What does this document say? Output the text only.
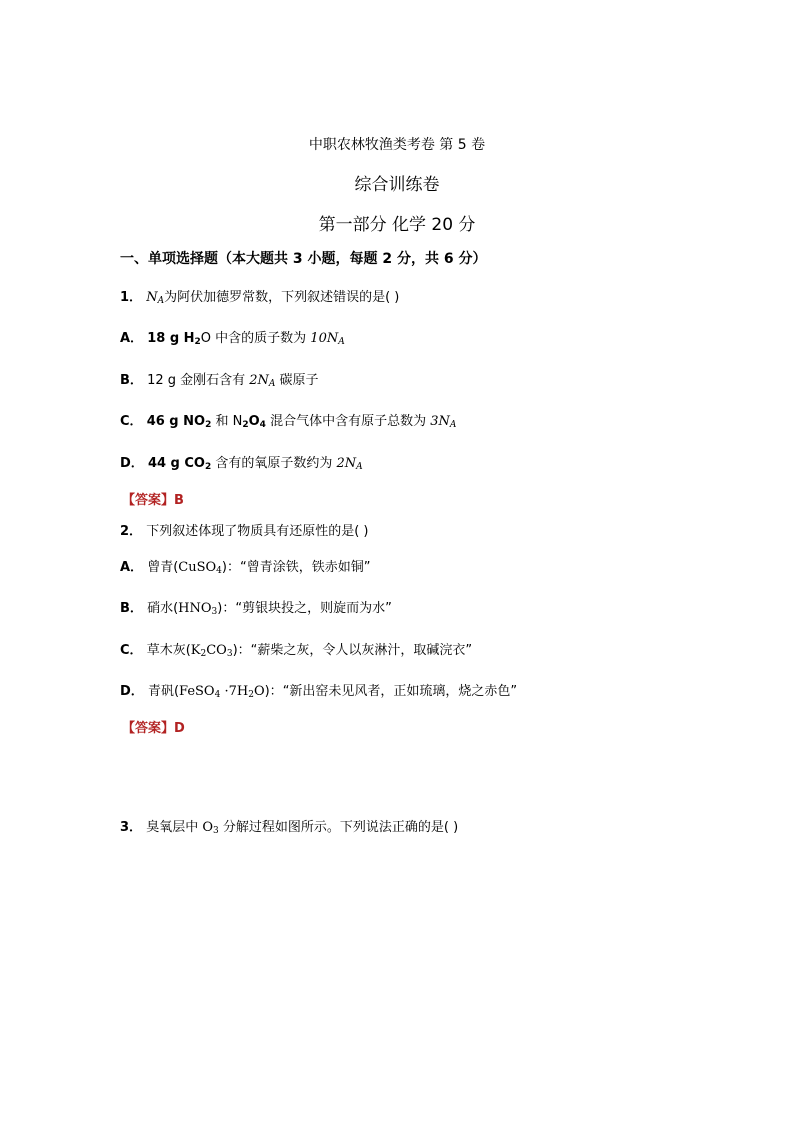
中职农林牧渔类考卷 第 5 卷
综合训练卷
第一部分 化学 20 分
一、单项选择题（本大题共 3 小题，每题 2 分，共 6 分）
1． $N_A$为阿伏加德罗常数，下列叙述错误的是( )
A． 18 g $H_2O$ 中含的质子数为 $10N_A$
B． 12 g 金刚石含有 $2N_A$ 碳原子
C． 46 g $NO_2$ 和 $N_2O_4$ 混合气体中含有原子总数为 $3N_A$
D． 44 g $CO_2$ 含有的氧原子数约为 $2N_A$
【答案】B
2． 下列叙述体现了物质具有还原性的是( )
A． 曾青(CuSO$_4$)：“曾青涂铁，铁赤如铜”
B． 硝水$(HNO_3)$：“剪银块投之，则旋而为水”
C． 草木灰$(K_2CO_3)$：“薪柴之灰，令人以灰淋汁，取碱浣衣”
D． 青矾(FeSO$_4$ $\cdot 7H_2O$)：“新出窑未见风者，正如琉璃，烧之赤色”
【答案】D
3． 臭氧层中 $O_3$ 分解过程如图所示。下列说法正确的是( )
